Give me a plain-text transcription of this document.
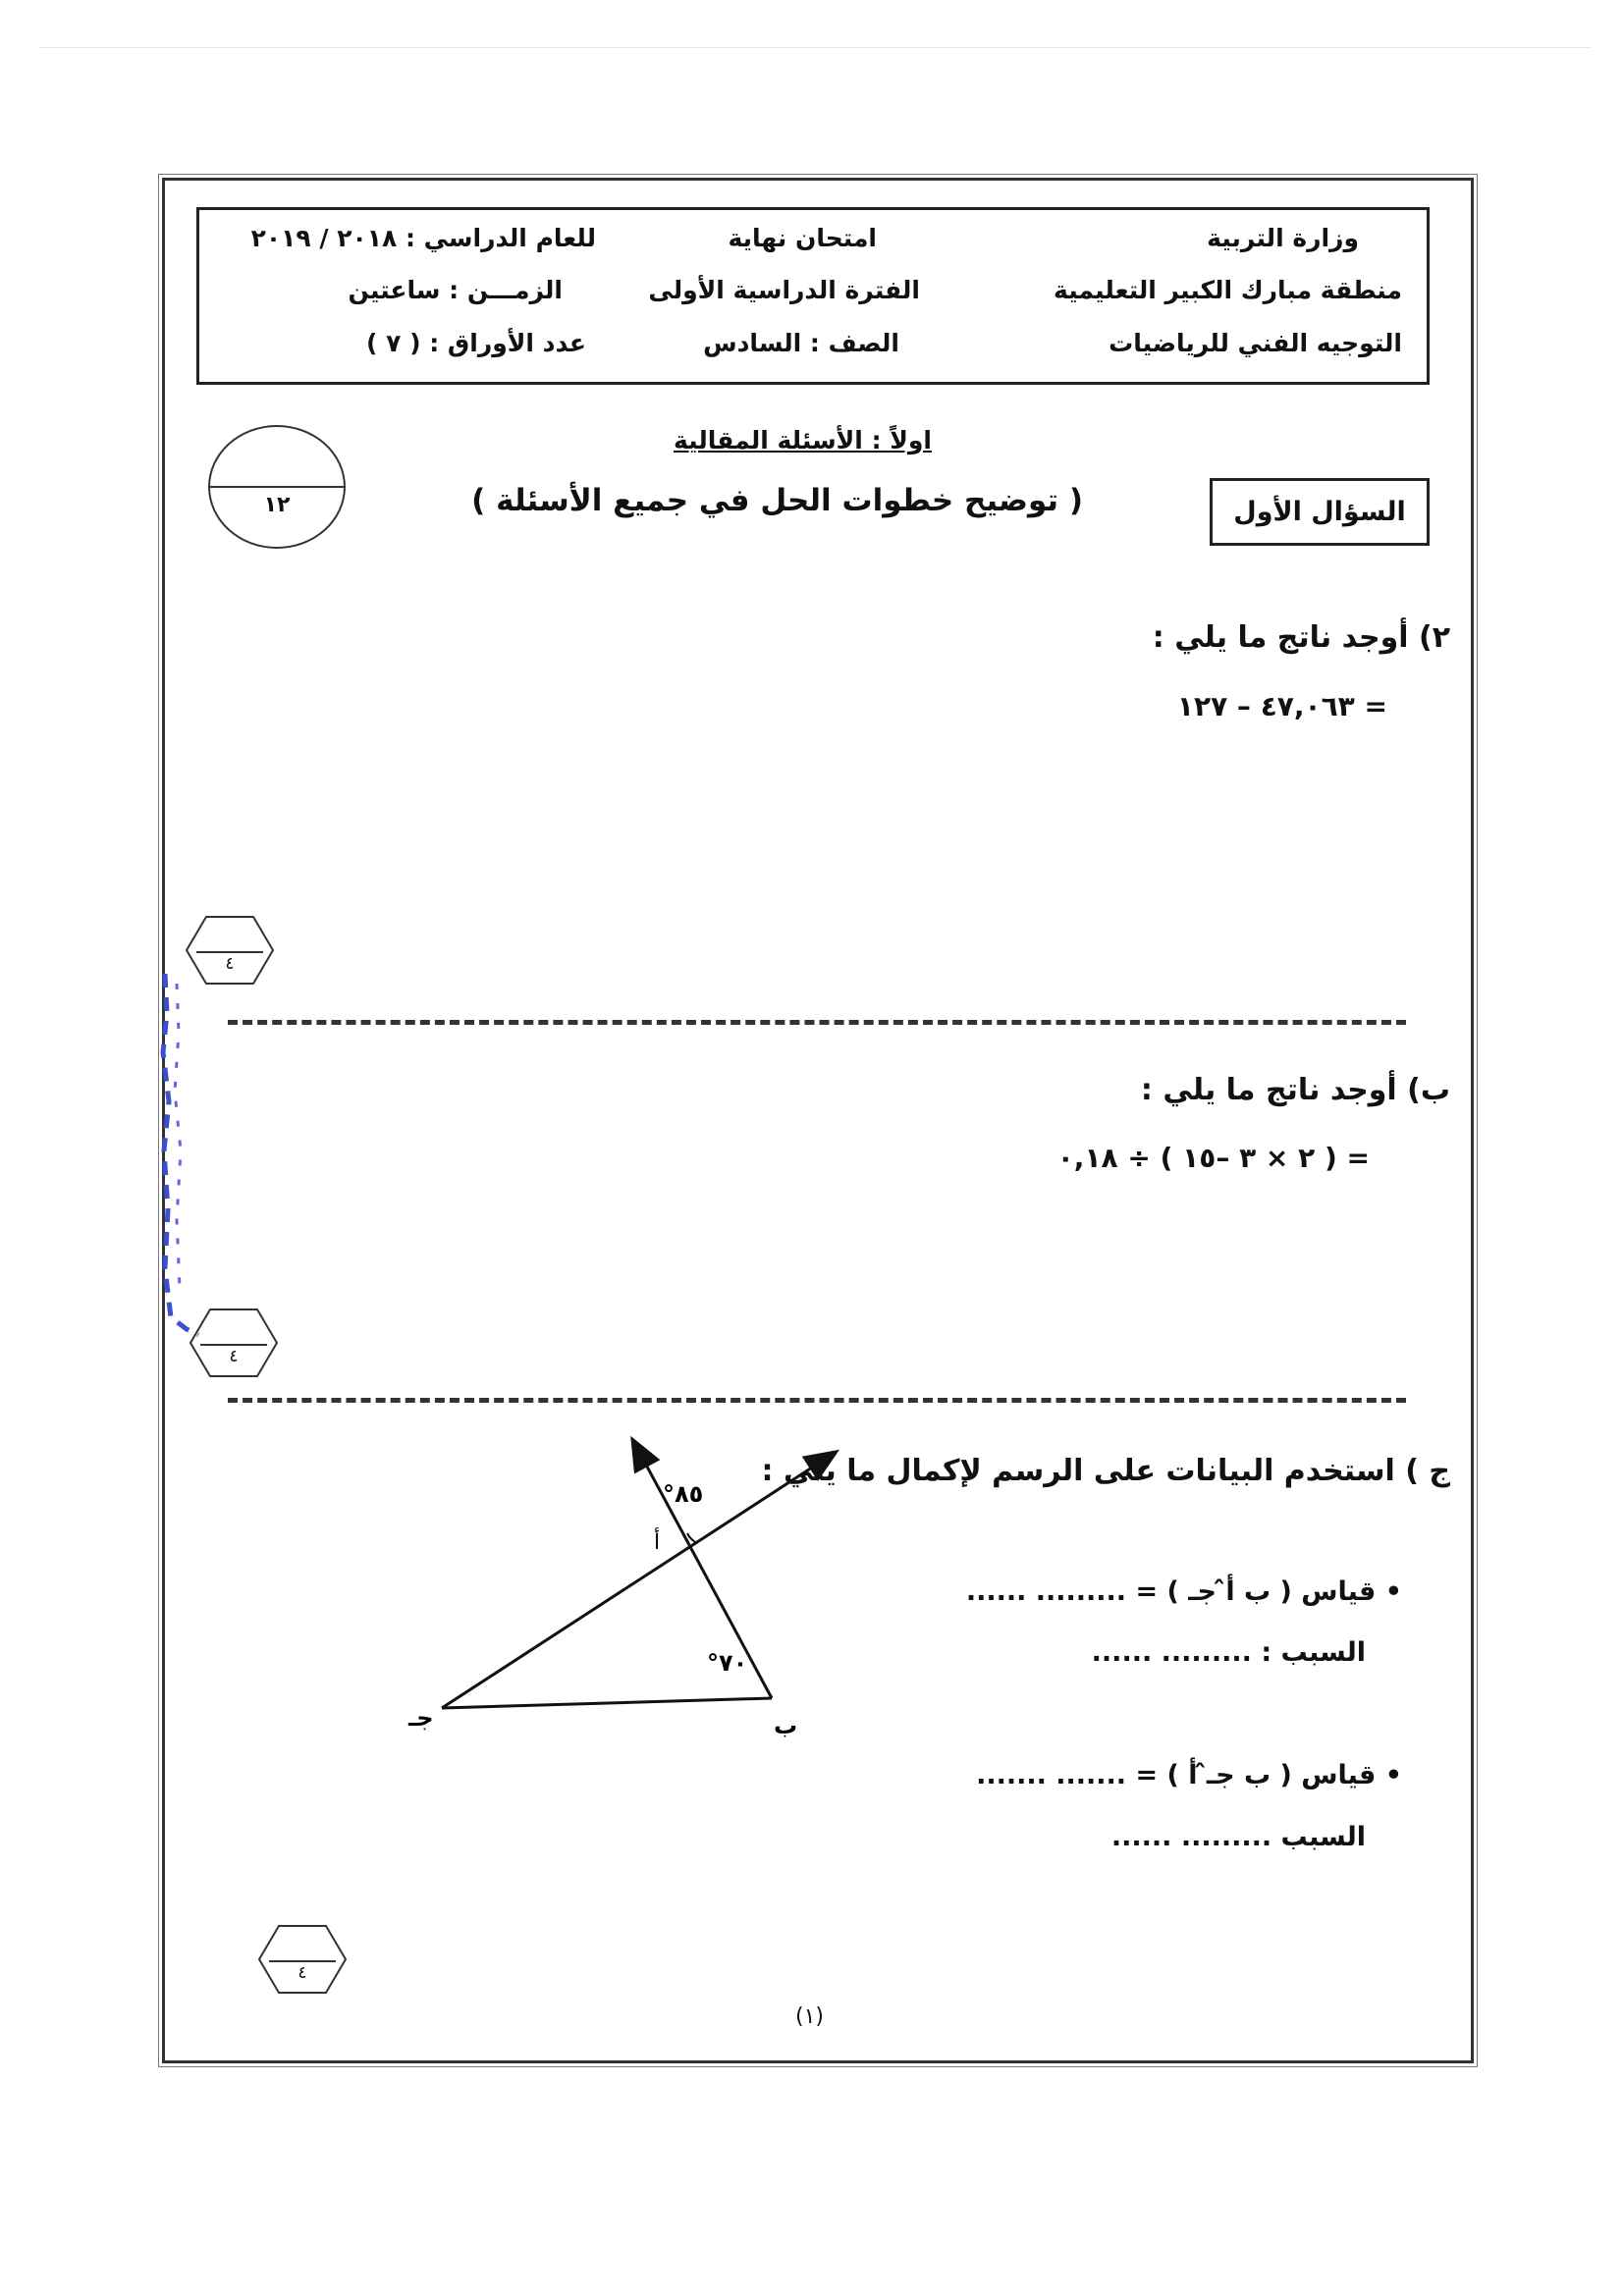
وزارة التربية
منطقة مبارك الكبير التعليمية
التوجيه الفني للرياضيات
امتحان نهاية
الفترة الدراسية الأولى
الصف : السادس
للعام الدراسي : ٢٠١٨ / ٢٠١٩
الزمـــن : ساعتين
عدد الأوراق : ( ٧ )
اولاً : الأسئلة المقالية
( توضيح خطوات الحل في جميع الأسئلة )	السؤال الأول
١٢
٢) أوجد ناتج ما يلي :
= ٤٧,٠٦٣ – ١٢٧
٤
ب) أوجد ناتج ما يلي :
= ( ٢ × ٣ –١٥ ) ÷ ٠,١٨
٤
ج ) استخدم البيانات على الرسم لإكمال ما يلي :
°٨٥
°٧٠
أ
ب
جـ
• قياس ( ب أ̂ جـ ) = ......... ......
السبب : ......... ......
• قياس ( ب جـ̂ أ ) = ....... .......
السبب ......... ......
٤
(١)
